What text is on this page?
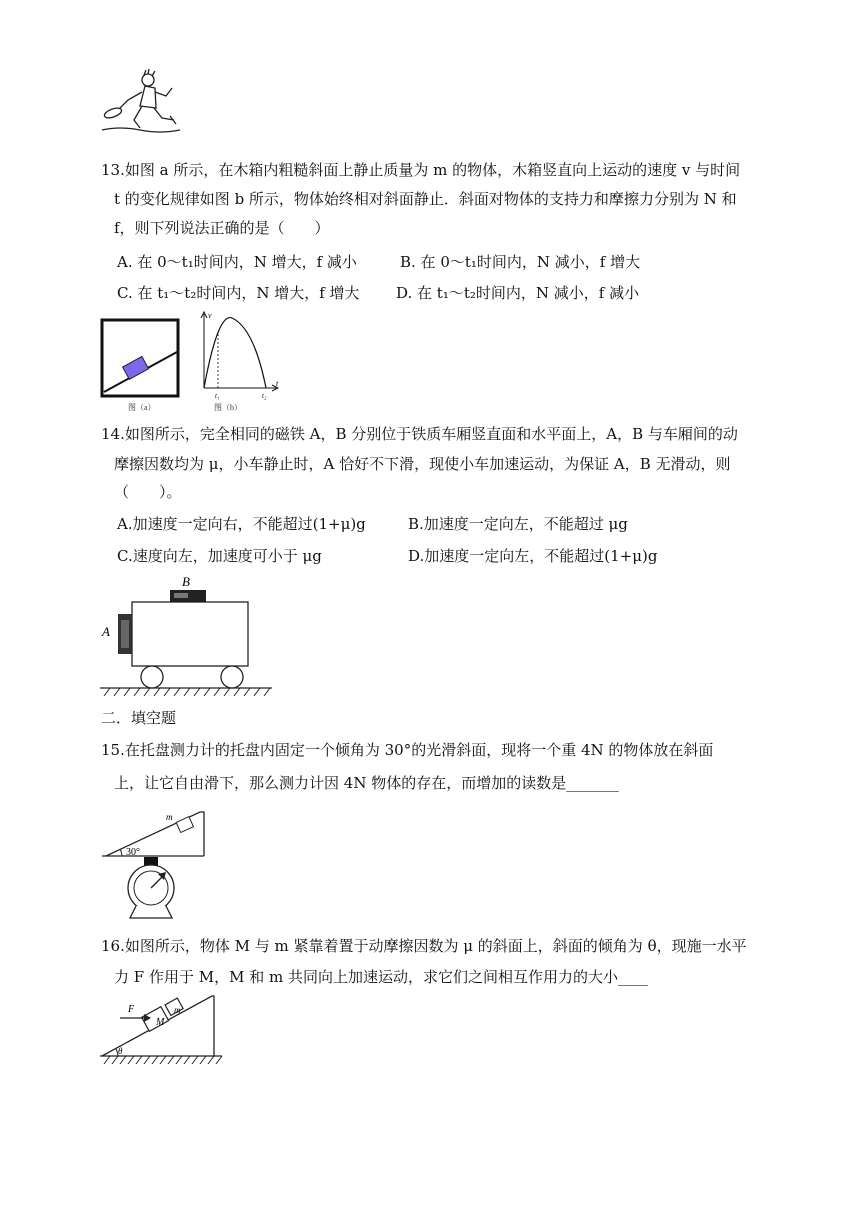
13.如图 a 所示，在木箱内粗糙斜面上静止质量为 m 的物体，木箱竖直向上运动的速度 v 与时间
t 的变化规律如图 b 所示，物体始终相对斜面静止．斜面对物体的支持力和摩擦力分别为 N 和
f，则下列说法正确的是（　　）
A. 在 0～t₁时间内，N 增大，f 减小	B. 在 0～t₁时间内，N 减小，f 增大
C. 在 t₁～t₂时间内，N 增大，f 增大 D. 在 t₁～t₂时间内，N 减小，f 减小
图（a）
v
t
t₁	t₂
图（b）
14.如图所示，完全相同的磁铁 A，B 分别位于铁质车厢竖直面和水平面上，A，B 与车厢间的动
摩擦因数均为 μ，小车静止时，A 恰好不下滑，现使小车加速运动，为保证 A，B 无滑动，则
（　　）。
A.加速度一定向右，不能超过(1+μ)g	B.加速度一定向左，不能超过 μg
C.速度向左，加速度可小于 μg	D.加速度一定向左，不能超过(1+μ)g
B
A
二．填空题
15.在托盘测力计的托盘内固定一个倾角为 30°的光滑斜面，现将一个重 4N 的物体放在斜面
上，让它自由滑下，那么测力计因 4N 物体的存在，而增加的读数是_______
30°
m
16.如图所示，物体 M 与 m 紧靠着置于动摩擦因数为 μ 的斜面上，斜面的倾角为 θ，现施一水平
力 F 作用于 M，M 和 m 共同向上加速运动，求它们之间相互作用力的大小____
θ
M
m
F
